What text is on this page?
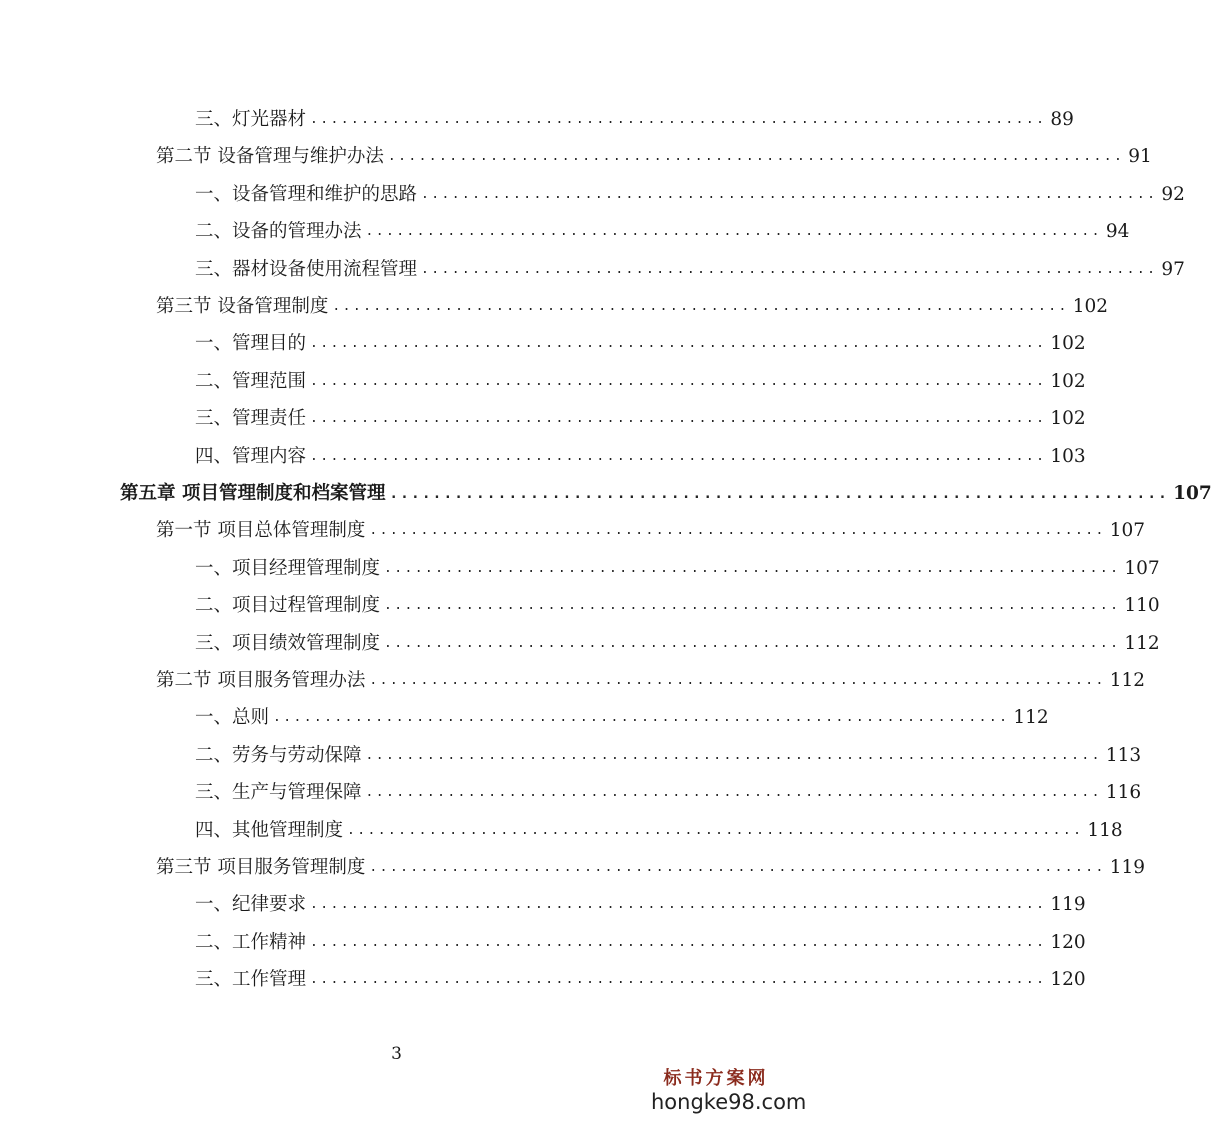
三、灯光器材 ........................................................................ 89
第二节 设备管理与维护办法 ........................................................................ 91
一、设备管理和维护的思路 ........................................................................ 92
二、设备的管理办法 ........................................................................ 94
三、器材设备使用流程管理 ........................................................................ 97
第三节 设备管理制度 ........................................................................ 102
一、管理目的 ........................................................................ 102
二、管理范围 ........................................................................ 102
三、管理责任 ........................................................................ 102
四、管理内容 ........................................................................ 103
第五章 项目管理制度和档案管理 ........................................................................ 107
第一节 项目总体管理制度 ........................................................................ 107
一、项目经理管理制度 ........................................................................ 107
二、项目过程管理制度 ........................................................................ 110
三、项目绩效管理制度 ........................................................................ 112
第二节 项目服务管理办法 ........................................................................ 112
一、总则 ........................................................................ 112
二、劳务与劳动保障 ........................................................................ 113
三、生产与管理保障 ........................................................................ 116
四、其他管理制度 ........................................................................ 118
第三节 项目服务管理制度 ........................................................................ 119
一、纪律要求 ........................................................................ 119
二、工作精神 ........................................................................ 120
三、工作管理 ........................................................................ 120
3
标书方案网
hongke98.com
